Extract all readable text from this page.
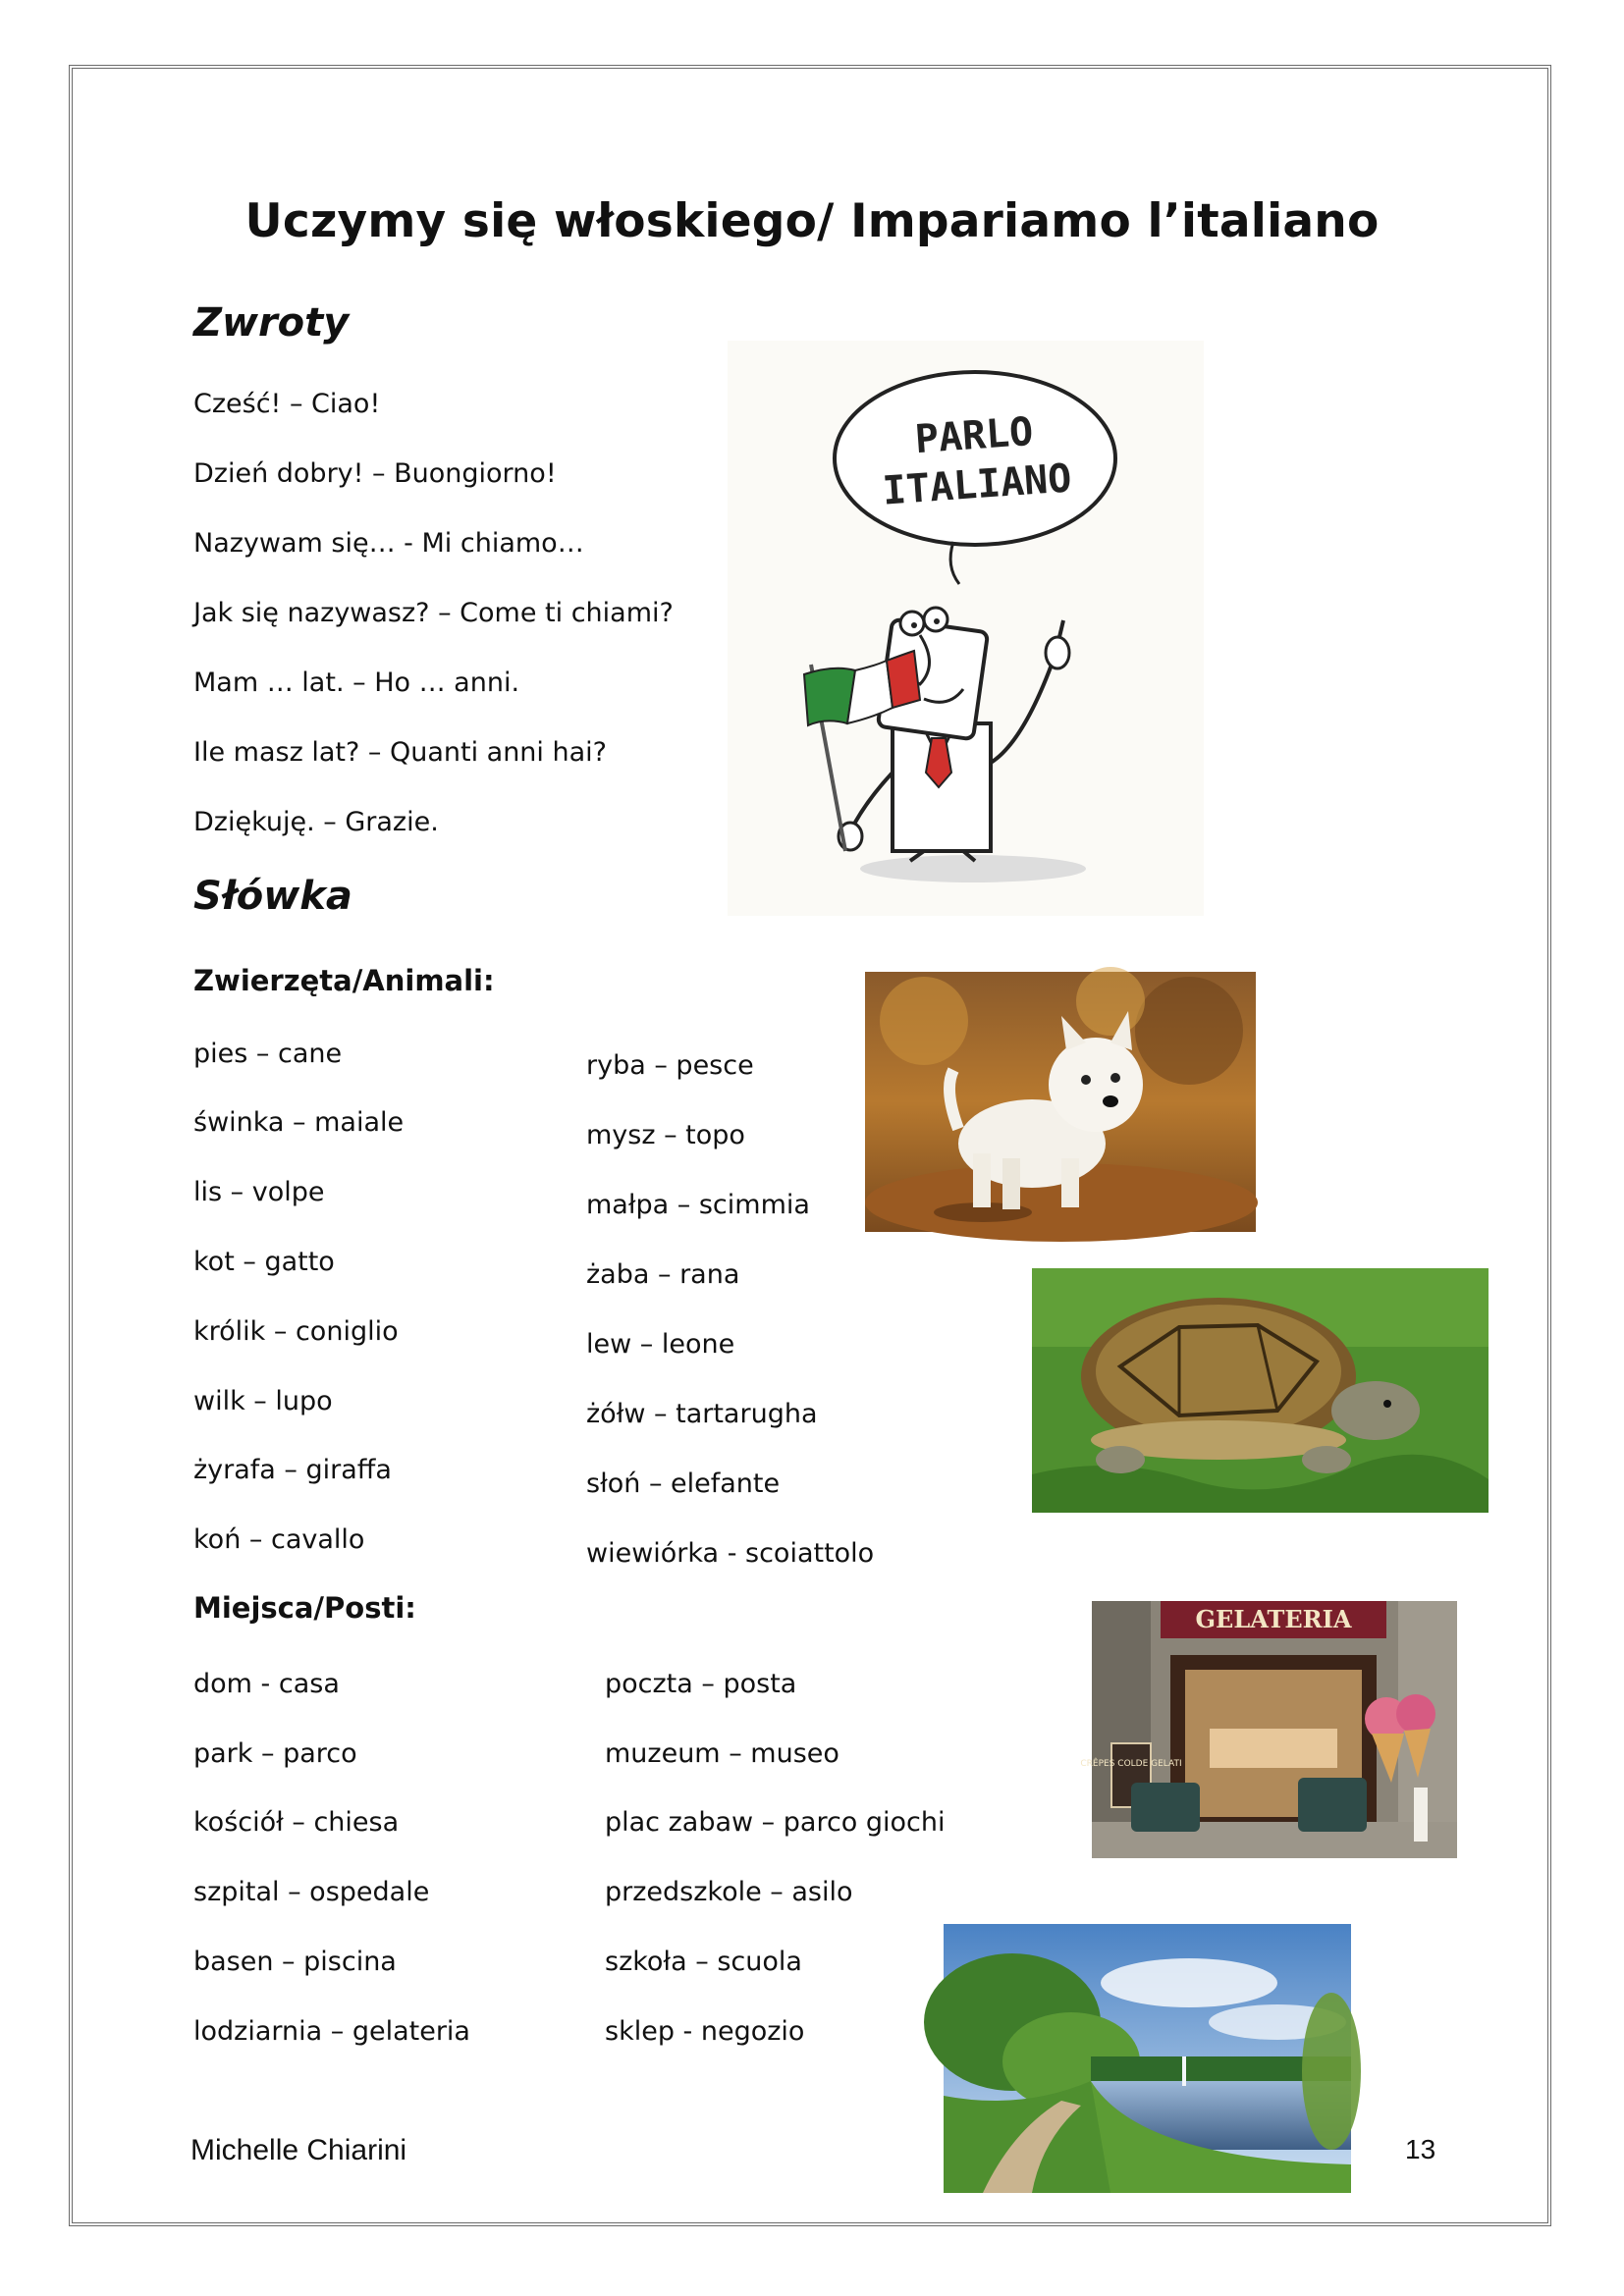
Uczymy się włoskiego/ Impariamo l’italiano
Zwroty
Cześć! – Ciao!
Dzień dobry! – Buongiorno!
Nazywam się… - Mi chiamo…
Jak się nazywasz? – Come ti chiami?
Mam … lat. – Ho … anni.
Ile masz lat? – Quanti anni hai?
Dziękuję. – Grazie.
PARLO
ITALIANO
Słówka
Zwierzęta/Animali:
pies – cane
świnka – maiale
lis – volpe
kot – gatto
królik – coniglio
wilk – lupo
żyrafa – giraffa
koń – cavallo
ryba – pesce
mysz – topo
małpa – scimmia
żaba – rana
lew – leone
żółw – tartarugha
słoń – elefante
wiewiórka - scoiattolo
Miejsca/Posti:
dom - casa
park – parco
kościół – chiesa
szpital – ospedale
basen – piscina
lodziarnia – gelateria
poczta – posta
muzeum – museo
plac zabaw – parco giochi
przedszkole – asilo
szkoła – scuola
sklep - negozio
GELATERIA
CRÊPES COLDE GELATI
Michelle Chiarini	13
